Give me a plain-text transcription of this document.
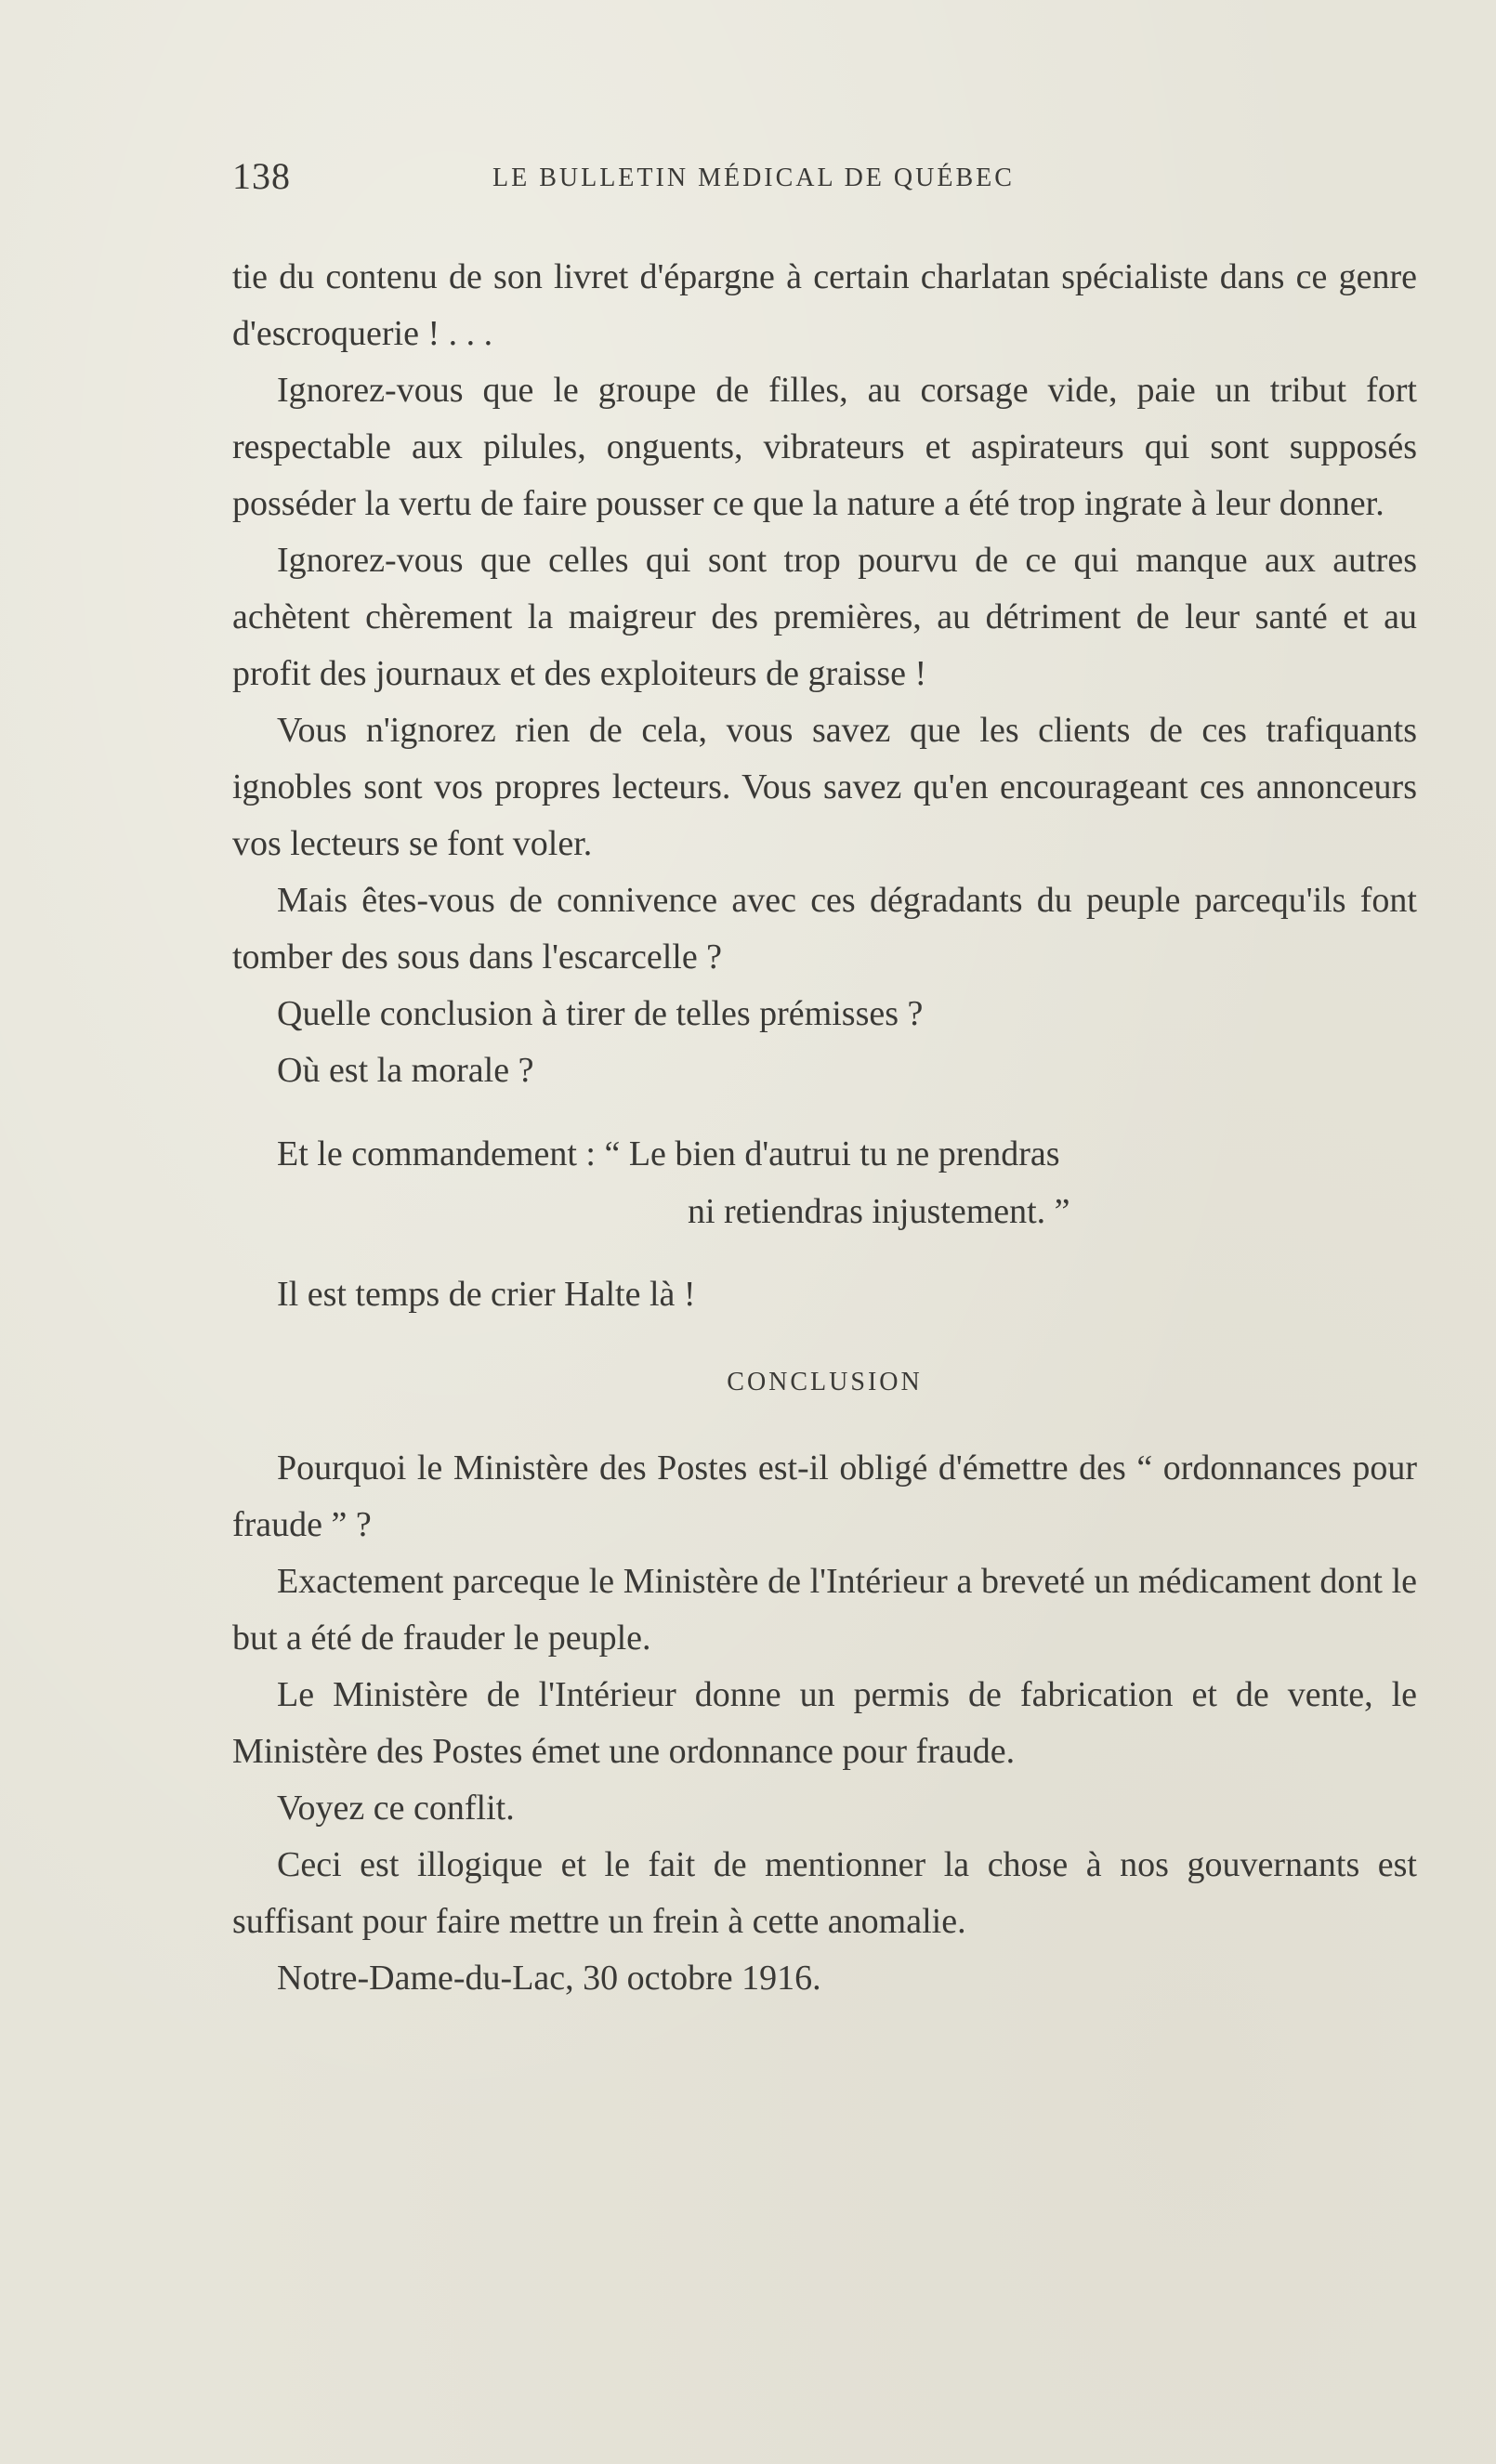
138	LE BULLETIN MÉDICAL DE QUÉBEC

tie du contenu de son livret d'épargne à certain charlatan spécialiste dans ce genre d'escroquerie ! . . .

Ignorez-vous que le groupe de filles, au corsage vide, paie un tribut fort respectable aux pilules, onguents, vibrateurs et aspirateurs qui sont supposés posséder la vertu de faire pousser ce que la nature a été trop ingrate à leur donner.

Ignorez-vous que celles qui sont trop pourvu de ce qui manque aux autres achètent chèrement la maigreur des premières, au détriment de leur santé et au profit des journaux et des exploiteurs de graisse !

Vous n'ignorez rien de cela, vous savez que les clients de ces trafiquants ignobles sont vos propres lecteurs. Vous savez qu'en encourageant ces annonceurs vos lecteurs se font voler.

Mais êtes-vous de connivence avec ces dégradants du peuple parcequ'ils font tomber des sous dans l'escarcelle ?

Quelle conclusion à tirer de telles prémisses ?

Où est la morale ?

Et le commandement : “ Le bien d'autrui tu ne prendras
ni retiendras injustement. ”

Il est temps de crier Halte là !

CONCLUSION

Pourquoi le Ministère des Postes est-il obligé d'émettre des “ ordonnances pour fraude ” ?

Exactement parceque le Ministère de l'Intérieur a breveté un médicament dont le but a été de frauder le peuple.

Le Ministère de l'Intérieur donne un permis de fabrication et de vente, le Ministère des Postes émet une ordonnance pour fraude.

Voyez ce conflit.

Ceci est illogique et le fait de mentionner la chose à nos gouvernants est suffisant pour faire mettre un frein à cette anomalie.

Notre-Dame-du-Lac, 30 octobre 1916.
